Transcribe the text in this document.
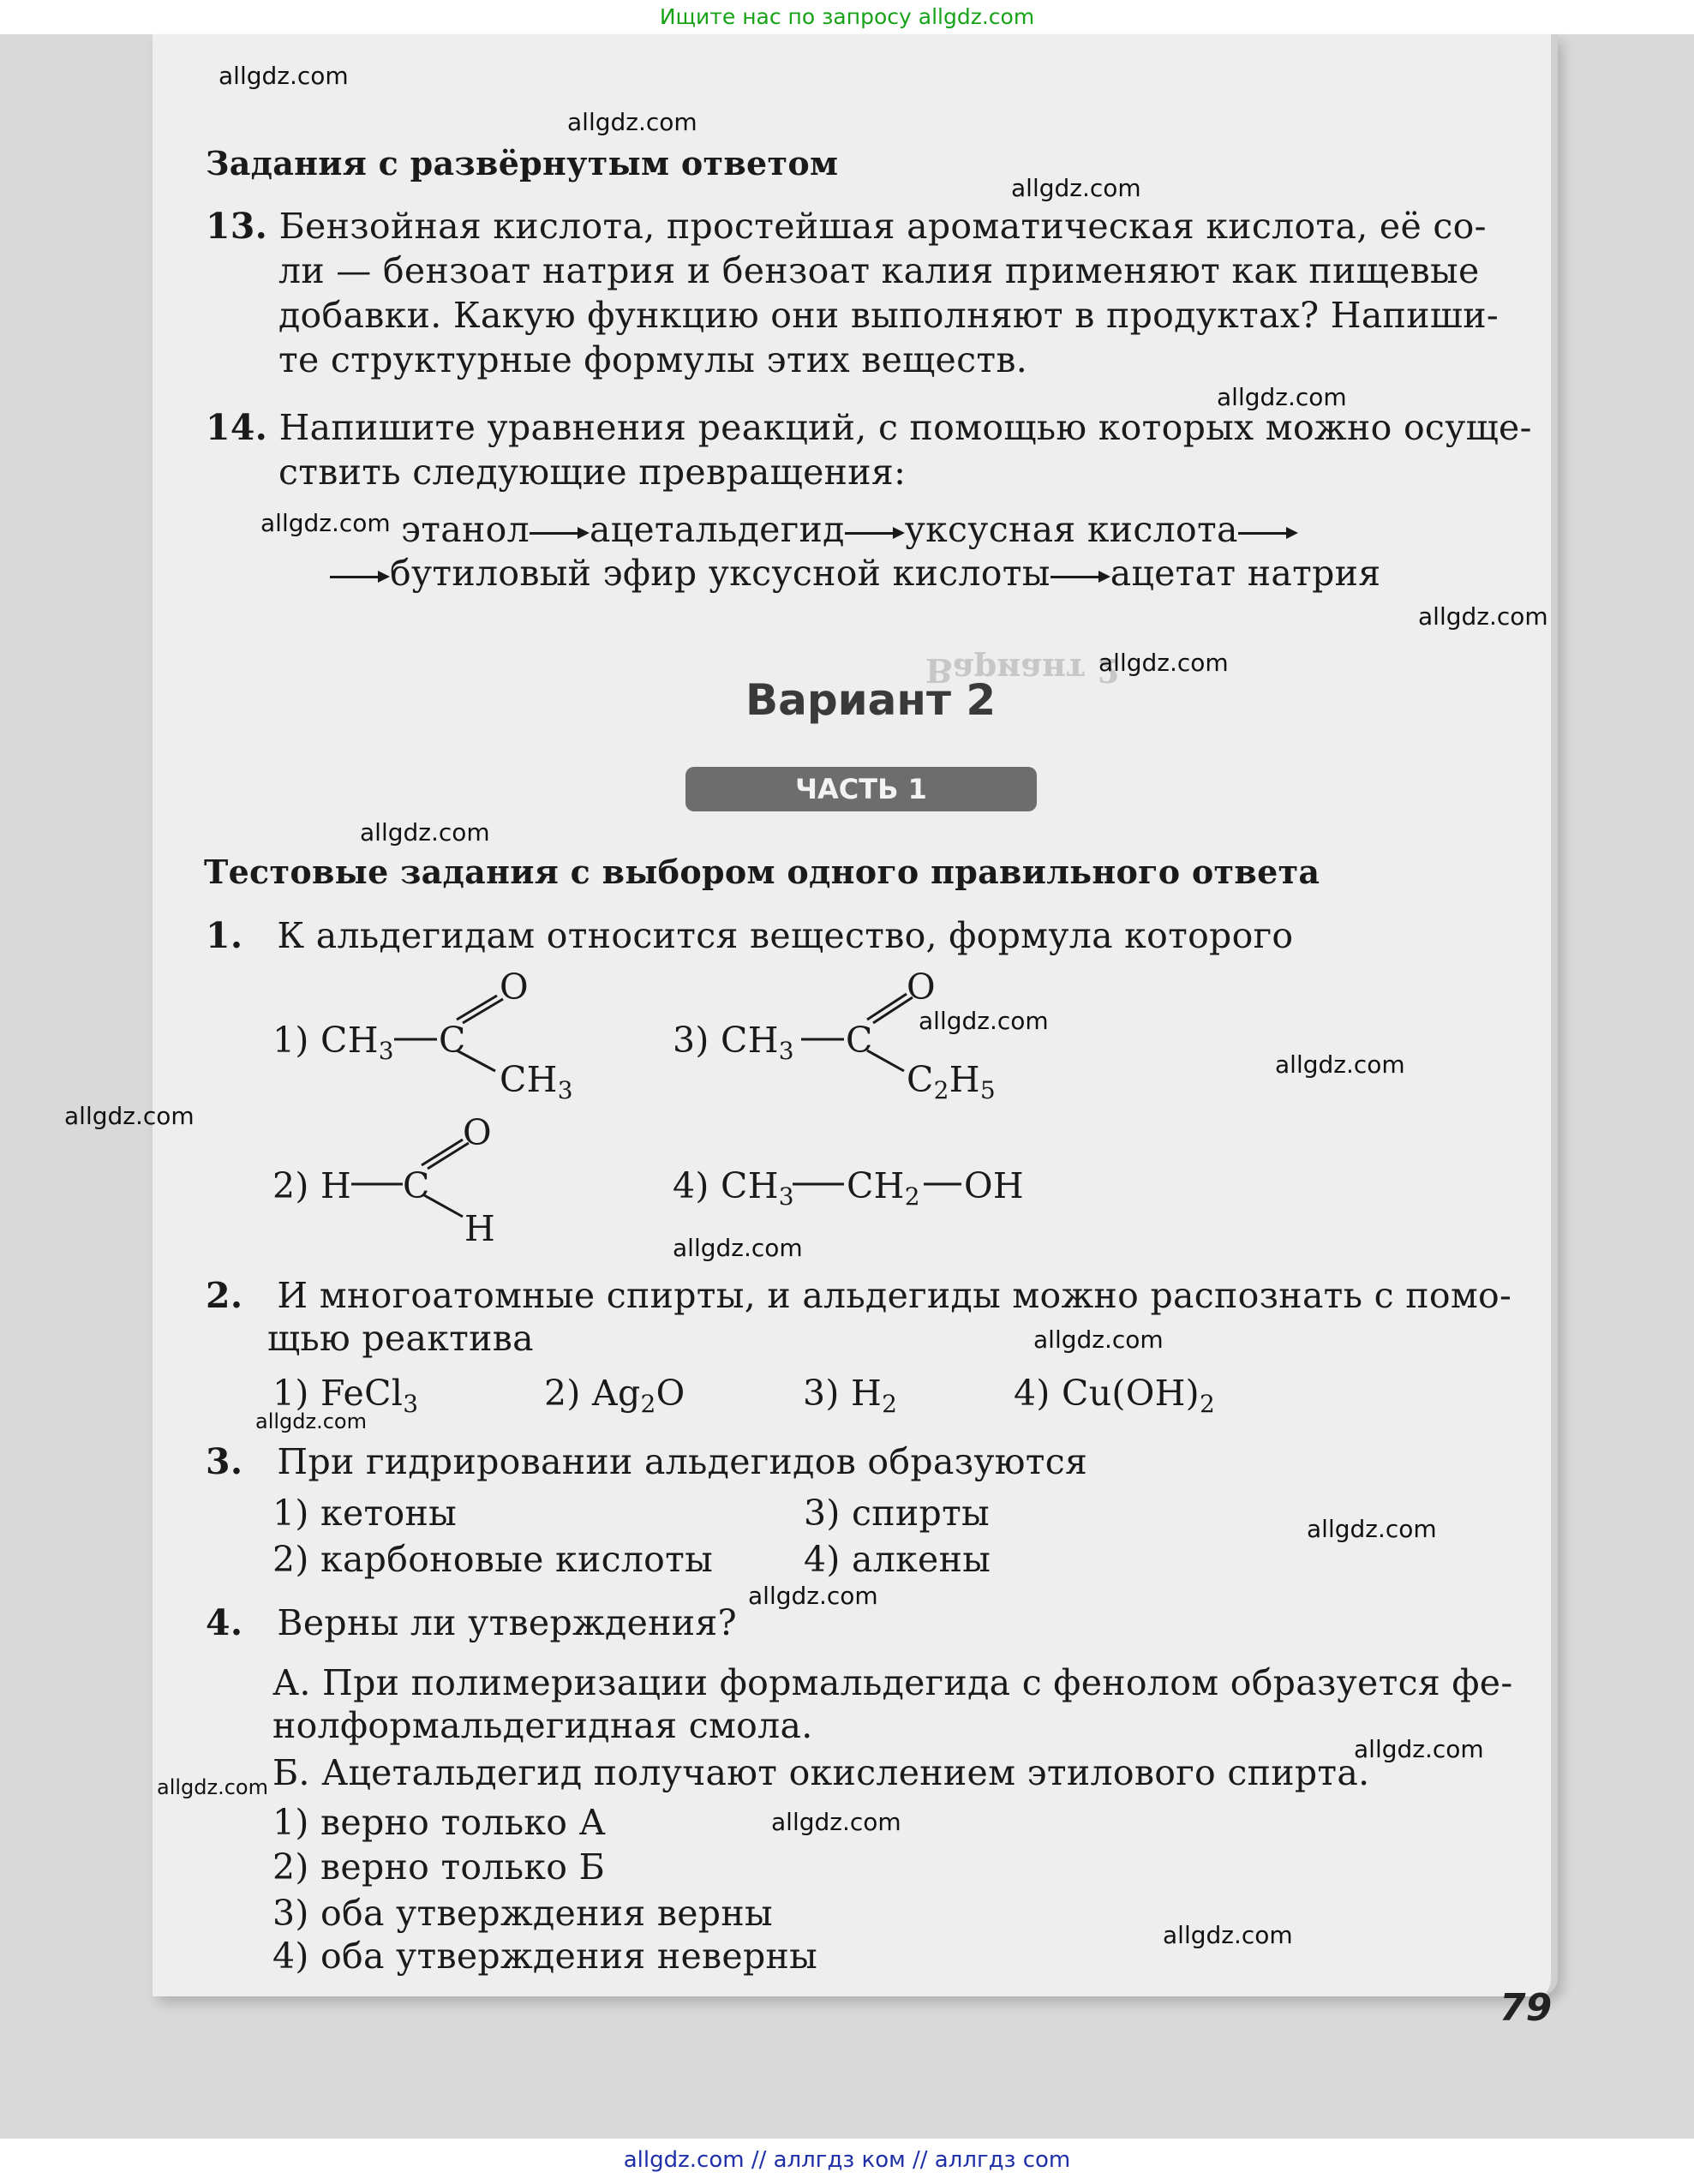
Ищите нас по запросу allgdz.com
Вариант 2
Задания с развёрнутым ответом
13. Бензойная кислота, простейшая ароматическая кислота, её со-
ли — бензоат натрия и бензоат калия применяют как пищевые
добавки. Какую функцию они выполняют в продуктах? Напиши-
те структурные формулы этих веществ.
14. Напишите уравнения реакций, с помощью которых можно осуще-
ствить следующие превращения:
этанол ацетальдегид уксусная кислота
бутиловый эфир уксусной кислоты ацетат натрия
Вариант 2
ЧАСТЬ 1
Тестовые задания с выбором одного правильного ответа
1. К альдегидам относится вещество, формула которого
1) $CH_3$ C
O
$CH_3$
3) $CH_3$ C
O
$C_2H_5$
2) H C
O
H
4) $CH_3$ $CH_2$ OH
2. И многоатомные спирты, и альдегиды можно распознать с помо-
щью реактива
1) FeCl$_3$	2) $Ag_2O$	3) $H_2$	4) $Cu(OH)_2$
3. При гидрировании альдегидов образуются
1) кетоны	3) спирты
2) карбоновые кислоты	4) алкены
4. Верны ли утверждения?
А. При полимеризации формальдегида с фенолом образуется фе-
нолформальдегидная смола.
Б. Ацетальдегид получают окислением этилового спирта.
1) верно только А
2) верно только Б
3) оба утверждения верны
4) оба утверждения неверны
79
allgdz.com
allgdz.com
allgdz.com
allgdz.com
allgdz.com
allgdz.com
allgdz.com
allgdz.com
allgdz.com
allgdz.com
allgdz.com
allgdz.com
allgdz.com
allgdz.com
allgdz.com
allgdz.com
allgdz.com
allgdz.com
allgdz.com
allgdz.com
allgdz.com // аллгдз ком // аллгдз com
